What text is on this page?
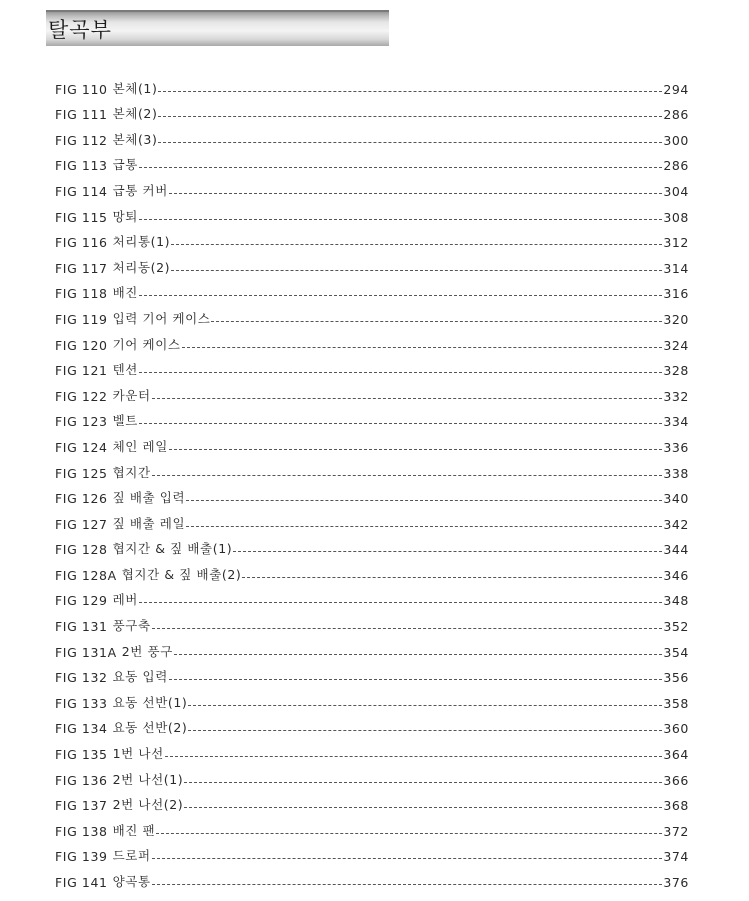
탈곡부
FIG 110 본체(1)	294
FIG 111 본체(2)	286
FIG 112 본체(3)	300
FIG 113 급통	286
FIG 114 급통 커버	304
FIG 115 망퇴	308
FIG 116 처리통(1)	312
FIG 117 처리동(2)	314
FIG 118 배진	316
FIG 119 입력 기어 케이스	320
FIG 120 기어 케이스	324
FIG 121 텐션	328
FIG 122 카운터	332
FIG 123 벨트	334
FIG 124 체인 레일	336
FIG 125 협지간	338
FIG 126 짚 배출 입력	340
FIG 127 짚 배출 레일	342
FIG 128 협지간 & 짚 배출(1)	344
FIG 128A 협지간 & 짚 배출(2)	346
FIG 129 레버	348
FIG 131 풍구축	352
FIG 131A 2번 풍구	354
FIG 132 요동 입력	356
FIG 133 요동 선반(1)	358
FIG 134 요동 선반(2)	360
FIG 135 1번 나선	364
FIG 136 2번 나선(1)	366
FIG 137 2번 나선(2)	368
FIG 138 배진 팬	372
FIG 139 드로퍼	374
FIG 141 양곡통	376
